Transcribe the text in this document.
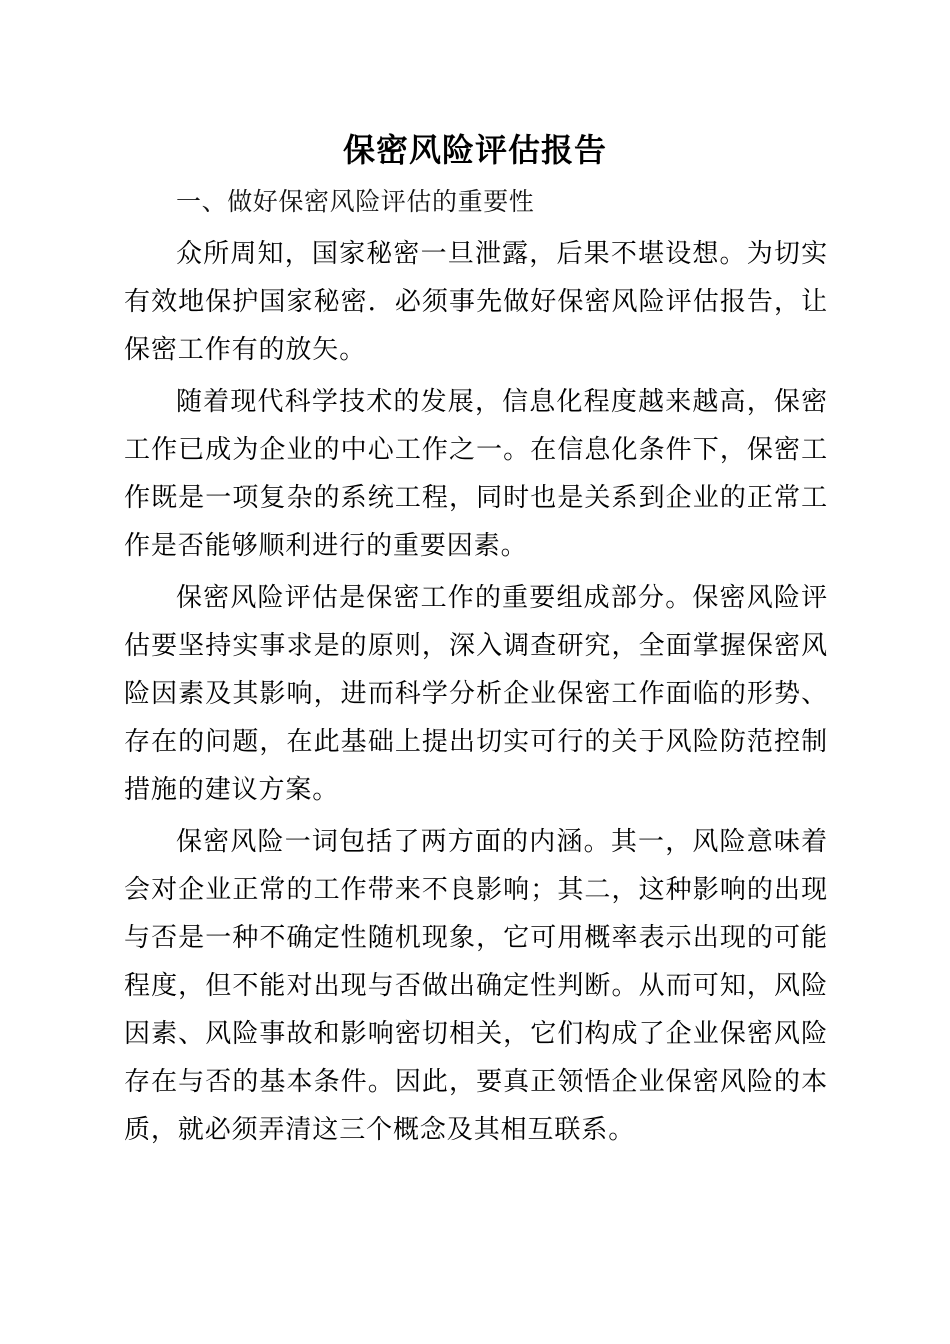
保密风险评估报告

一、做好保密风险评估的重要性

众所周知，国家秘密一旦泄露，后果不堪设想。为切实有效地保护国家秘密．必须事先做好保密风险评估报告，让保密工作有的放矢。

随着现代科学技术的发展，信息化程度越来越高，保密工作已成为企业的中心工作之一。在信息化条件下，保密工作既是一项复杂的系统工程，同时也是关系到企业的正常工作是否能够顺利进行的重要因素。

保密风险评估是保密工作的重要组成部分。保密风险评估要坚持实事求是的原则，深入调查研究，全面掌握保密风险因素及其影响，进而科学分析企业保密工作面临的形势、存在的问题，在此基础上提出切实可行的关于风险防范控制措施的建议方案。

保密风险一词包括了两方面的内涵。其一，风险意味着会对企业正常的工作带来不良影响；其二，这种影响的出现与否是一种不确定性随机现象，它可用概率表示出现的可能程度，但不能对出现与否做出确定性判断。从而可知，风险因素、风险事故和影响密切相关，它们构成了企业保密风险存在与否的基本条件。因此，要真正领悟企业保密风险的本质，就必须弄清这三个概念及其相互联系。
